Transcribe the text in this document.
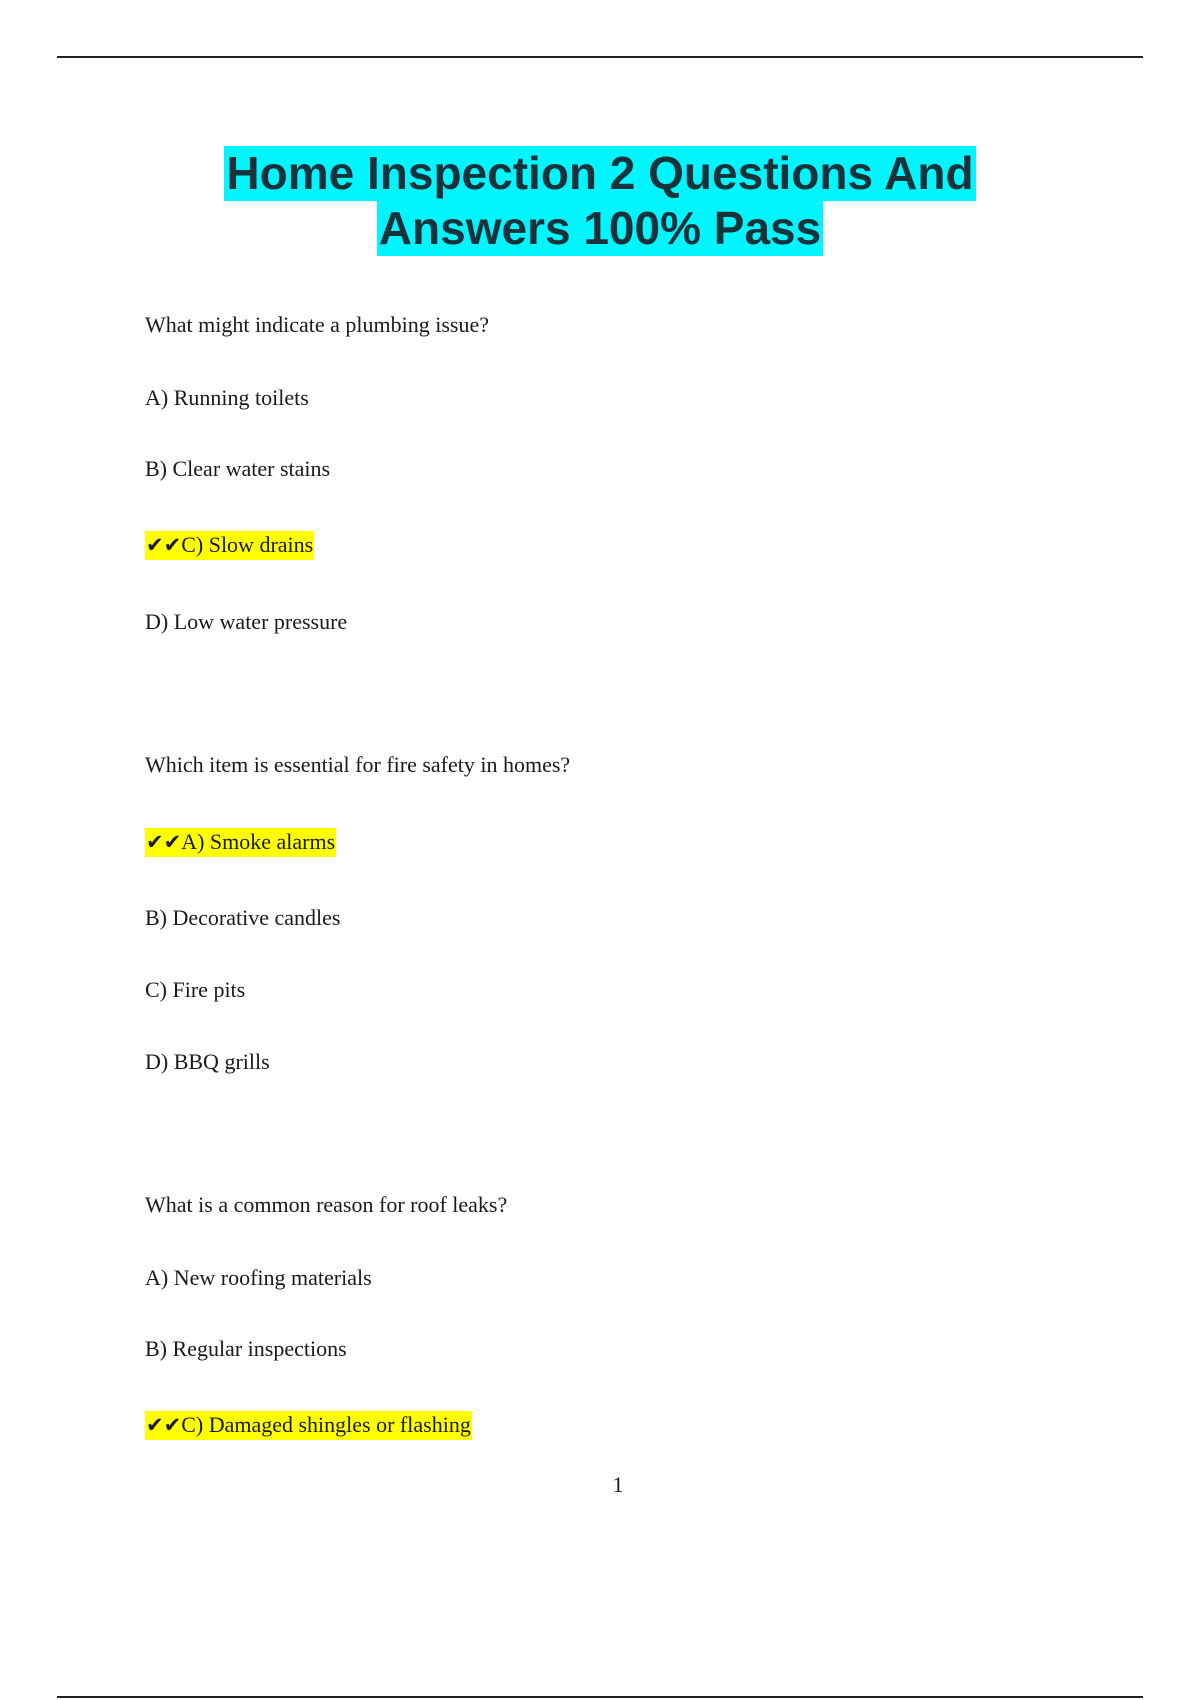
Home Inspection 2 Questions And
Answers 100% Pass
What might indicate a plumbing issue?
A) Running toilets
B) Clear water stains
✔✔C) Slow drains
D) Low water pressure
Which item is essential for fire safety in homes?
✔✔A) Smoke alarms
B) Decorative candles
C) Fire pits
D) BBQ grills
What is a common reason for roof leaks?
A) New roofing materials
B) Regular inspections
✔✔C) Damaged shingles or flashing
1
